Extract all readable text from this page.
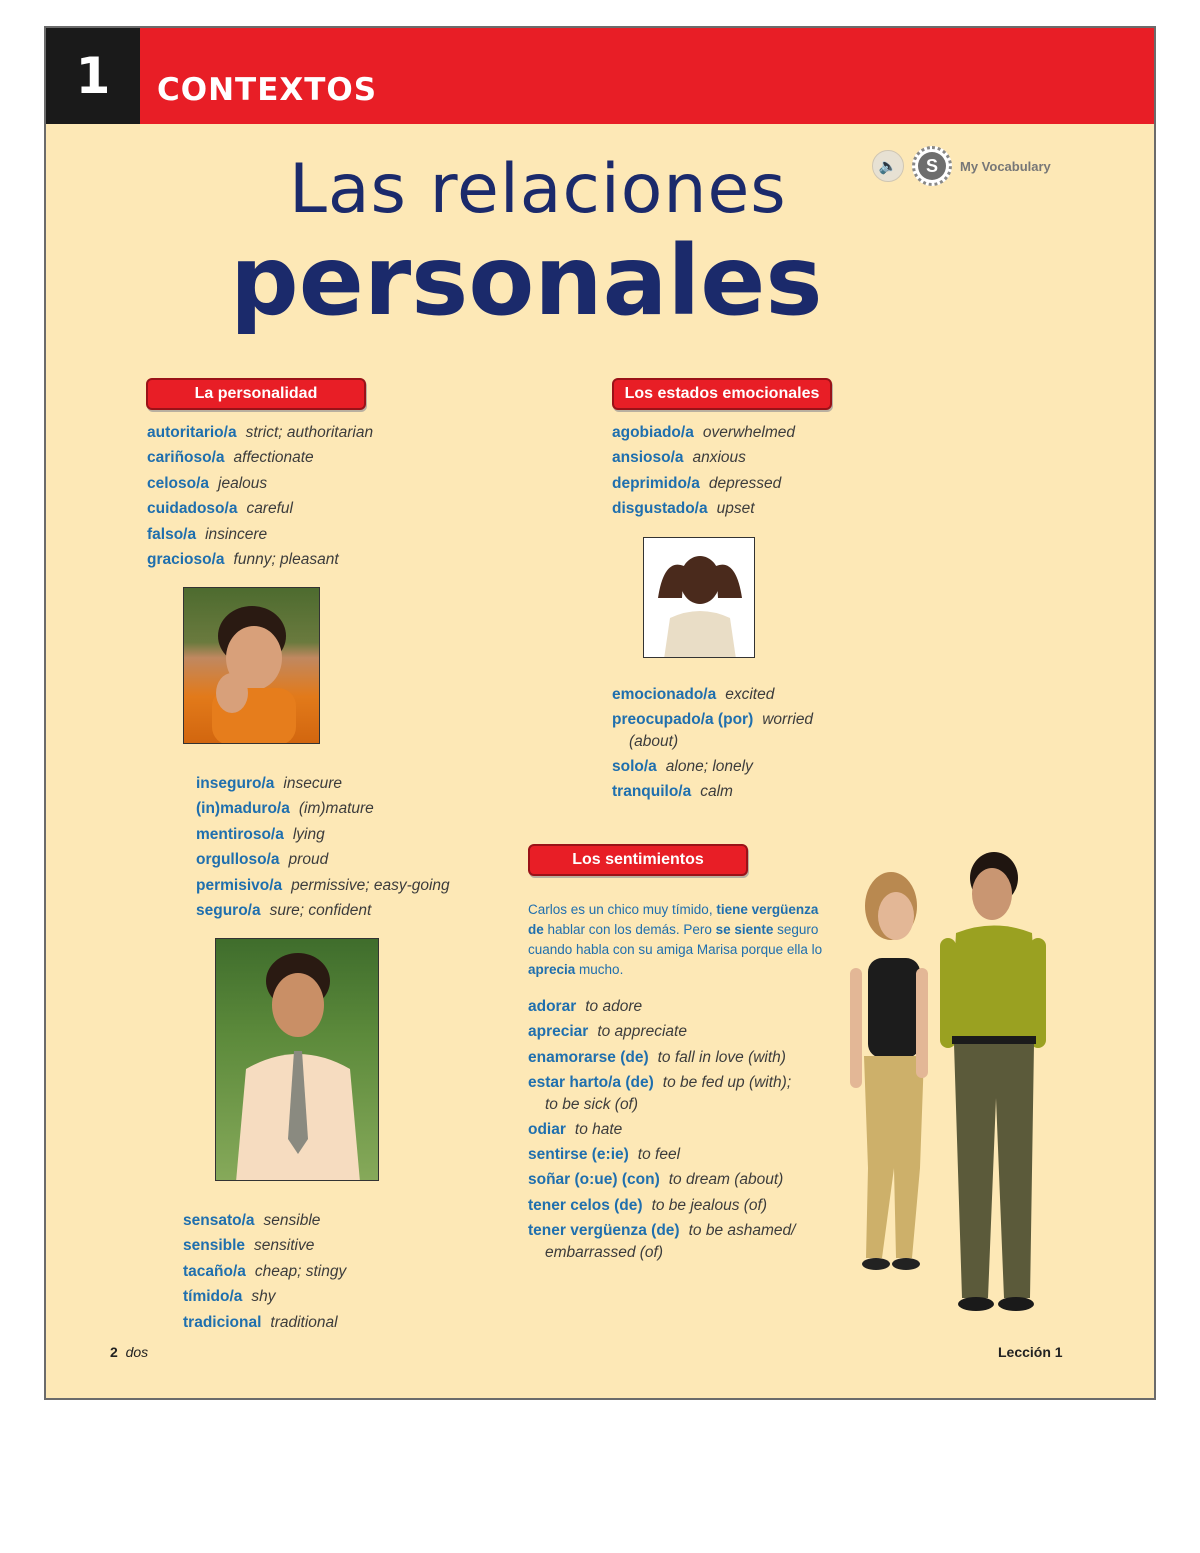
1	CONTEXTOS
Las relaciones
personales
🔈	S	My Vocabulary
La personalidad
autoritario/a strict; authoritarian
cariñoso/a affectionate
celoso/a jealous
cuidadoso/a careful
falso/a insincere
gracioso/a funny; pleasant
inseguro/a insecure
(in)maduro/a (im)mature
mentiroso/a lying
orgulloso/a proud
permisivo/a permissive; easy-going
seguro/a sure; confident
sensato/a sensible
sensible sensitive
tacaño/a cheap; stingy
tímido/a shy
tradicional traditional
Los estados emocionales
agobiado/a overwhelmed
ansioso/a anxious
deprimido/a depressed
disgustado/a upset
emocionado/a excited
preocupado/a (por) worried
(about)
solo/a alone; lonely
tranquilo/a calm
Los sentimientos
Carlos es un chico muy tímido, tiene vergüenza de hablar con los demás. Pero se siente seguro cuando habla con su amiga Marisa porque ella lo aprecia mucho.
adorar to adore
apreciar to appreciate
enamorarse (de) to fall in love (with)
estar harto/a (de) to be fed up (with);
to be sick (of)
odiar to hate
sentirse (e:ie) to feel
soñar (o:ue) (con) to dream (about)
tener celos (de) to be jealous (of)
tener vergüenza (de) to be ashamed/
embarrassed (of)
2 dos	Lección 1
